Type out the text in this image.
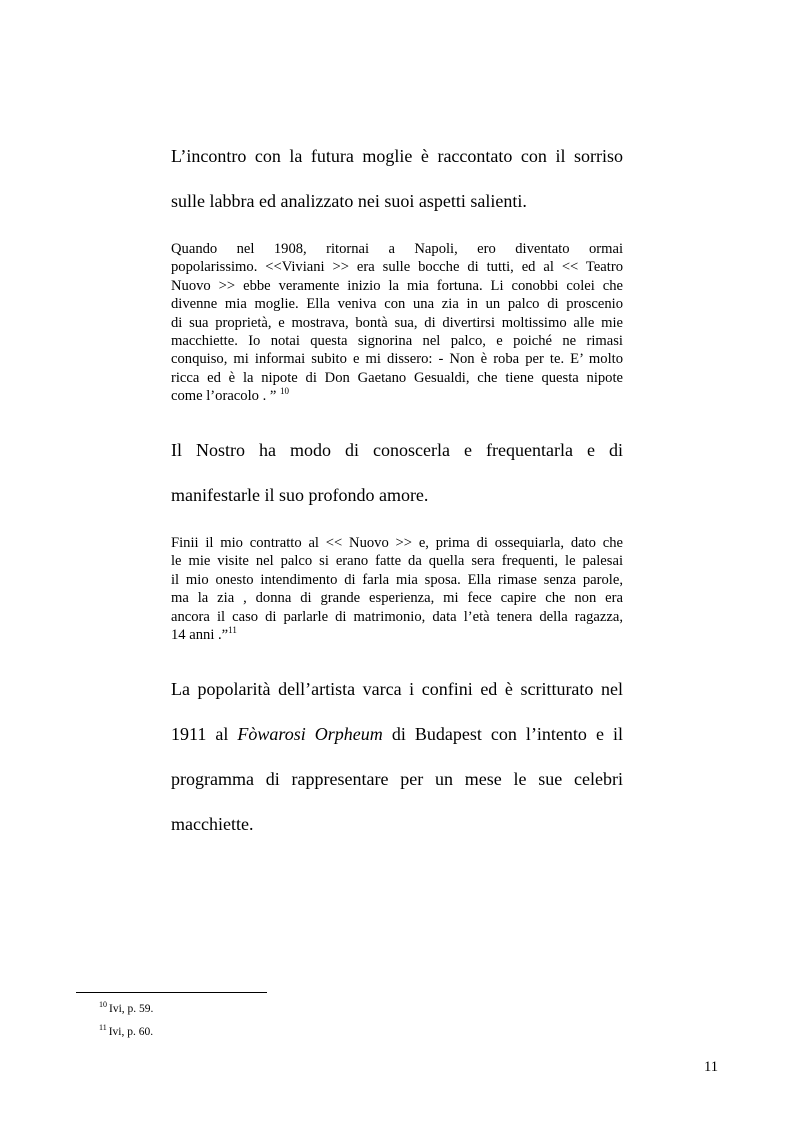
L’incontro con la futura moglie è raccontato con il sorriso
sulle labbra ed analizzato nei suoi aspetti salienti.
Quando nel 1908, ritornai a Napoli, ero diventato ormai
popolarissimo. <<Viviani >> era sulle bocche di tutti, ed al << Teatro
Nuovo >> ebbe veramente inizio la mia fortuna. Li conobbi colei che
divenne mia moglie. Ella veniva con una zia in un palco di proscenio
di sua proprietà, e mostrava, bontà sua, di divertirsi moltissimo alle mie
macchiette. Io notai questa signorina nel palco, e poiché ne rimasi
conquiso, mi informai subito e mi dissero: - Non è roba per te. E’ molto
ricca ed è la nipote di Don Gaetano Gesualdi, che tiene questa nipote
come l’oracolo . ” $^{10}$
Il Nostro ha modo di conoscerla e frequentarla e di
manifestarle il suo profondo amore.
Finii il mio contratto al << Nuovo >> e, prima di ossequiarla, dato che
le mie visite nel palco si erano fatte da quella sera frequenti, le palesai
il mio onesto intendimento di farla mia sposa. Ella rimase senza parole,
ma la zia , donna di grande esperienza, mi fece capire che non era
ancora il caso di parlarle di matrimonio, data l’età tenera della ragazza,
14 anni .”$^{11}$
La popolarità dell’artista varca i confini ed è scritturato nel
1911 al Fòwarosi Orpheum di Budapest con l’intento e il
programma di rappresentare per un mese le sue celebri
macchiette.

$^{10}$ Ivi, p. 59.

$^{11}$ Ivi, p. 60.

11
